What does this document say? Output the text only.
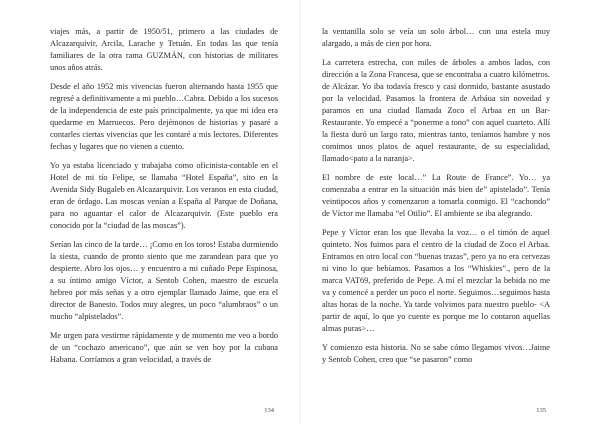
viajes más, a partir de 1950/51, primero a las ciudades de Alcazarquivir, Arcila, Larache y Tetuán. En todas las que tenía familiares de la otra rama GUZMÁN, con historias de militares unos años atrás.

Desde el año 1952 mis vivencias fueron alternando hasta 1955 que regresé a definitivamente a mi pueblo…Cabra. Debido a los sucesos de la independencia de este país principalmente, ya que mi idea era quedarme en Marruecos. Pero dejémonos de historias y pasaré a contarles ciertas vivencias que les contaré a mis lectores. Diferentes fechas y lugares que no vienen a cuento.

Yo ya estaba licenciado y trabajaba como oficinista-contable en el Hotel de mi tío Felipe, se llamaba “Hotel España”, sito en la Avenida Sidy Bugaleb en Alcazarquivir. Los veranos en esta ciudad, eran de órdago. Las moscas venían a España al Parque de Doñana, para no aguantar el calor de Alcazarquivir. (Este pueblo era conocido por la “ciudad de las moscas”).

Serían las cinco de la tarde… ¡Como en los toros! Estaba durmiendo la siesta, cuando de pronto siento que me zarandean para que yo despierte. Abro los ojos… y encuentro a mi cuñado Pepe Espinosa, a su íntimo amigo Víctor, a Sentob Cohen, maestro de escuela hebreo por más señas y a otro ejemplar llamado Jaime, que era el director de Banesto. Todos muy alegres, un poco “alumbraos” o un mucho “alpistelados”.

Me urgen para vestirme rápidamente y de momento me veo a bordo de un “cochazo americano”, que aún se ven hoy por la cubana Habana. Corríamos a gran velocidad, a través de

134

la ventanilla solo se veía un solo árbol… con una estela muy alargado, a más de cien por hora.

La carretera estrecha, con miles de árboles a ambos lados, con dirección a la Zona Francesa, que se encontraba a cuatro kilómetros. de Alcázar. Yo iba todavía fresco y casi dormido, bastante asustado por la velocidad. Pasamos la frontera de Arbáua sin novedad y paramos en una ciudad llamada Zoco el Arbaa en un Bar-Restaurante. Yo empecé a “ponerme a tono” con aquel cuarteto. Allí la fiesta duró un largo rato, mientras tanto, teníamos hambre y nos comimos unos platos de aquel restaurante, de su especialidad, llamado<pato a la naranja>.

El nombre de este local…” La Route de France”. Yo… ya comenzaba a entrar en la situación más bien de” apistelado”. Tenía veintipocos años y comenzaron a tomarla conmigo. El “cachondo” de Víctor me llamaba “el Otilio”. El ambiente se iba alegrando.

Pepe y Víctor eran los que llevaba la voz… o el timón de aquel quinteto. Nos fuimos para el centro de la ciudad de Zoco el Arbaa. Entramos en otro local con “buenas trazas”, pero ya no era cervezas ni vino lo que bebíamos. Pasamos a los “Whiskies”., pero de la marca VAT69, preferido de Pepe. A mí el mezclar la bebida no me va y comencé a perder un poco el norte. Seguimos…seguimos hasta altas horas de la noche. Ya tarde volvimos para nuestro pueblo- <A partir de aquí, lo que yo cuente es porque me lo contaron aquellas almas puras>…

Y comienzo esta historia. No se sabe cómo llegamos vivos…Jaime y Sentob Cohen, creo que “se pasaron” como

135
